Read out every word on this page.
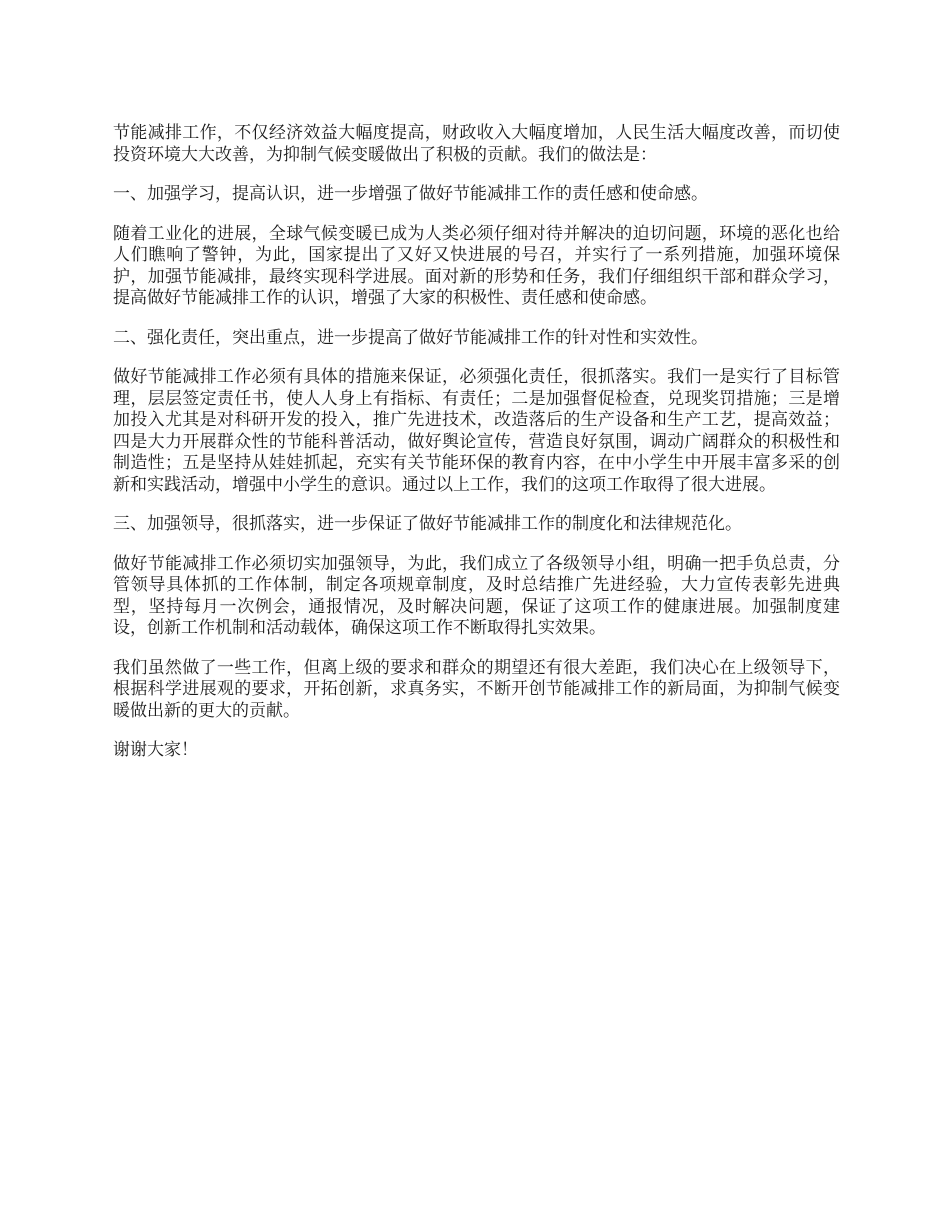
节能减排工作，不仅经济效益大幅度提高，财政收入大幅度增加，人民生活大幅度改善，而切使投资环境大大改善，为抑制气候变暖做出了积极的贡献。我们的做法是：

一、加强学习，提高认识，进一步增强了做好节能减排工作的责任感和使命感。

随着工业化的进展，全球气候变暖已成为人类必须仔细对待并解决的迫切问题，环境的恶化也给人们瞧响了警钟，为此，国家提出了又好又快进展的号召，并实行了一系列措施，加强环境保护，加强节能减排，最终实现科学进展。面对新的形势和任务，我们仔细组织干部和群众学习，提高做好节能减排工作的认识，增强了大家的积极性、责任感和使命感。

二、强化责任，突出重点，进一步提高了做好节能减排工作的针对性和实效性。

做好节能减排工作必须有具体的措施来保证，必须强化责任，很抓落实。我们一是实行了目标管理，层层签定责任书，使人人身上有指标、有责任；二是加强督促检查，兑现奖罚措施；三是增加投入尤其是对科研开发的投入，推广先进技术，改造落后的生产设备和生产工艺，提高效益；四是大力开展群众性的节能科普活动，做好舆论宣传，营造良好氛围，调动广阔群众的积极性和制造性；五是坚持从娃娃抓起，充实有关节能环保的教育内容，在中小学生中开展丰富多采的创新和实践活动，增强中小学生的意识。通过以上工作，我们的这项工作取得了很大进展。

三、加强领导，很抓落实，进一步保证了做好节能减排工作的制度化和法律规范化。

做好节能减排工作必须切实加强领导，为此，我们成立了各级领导小组，明确一把手负总责，分管领导具体抓的工作体制，制定各项规章制度，及时总结推广先进经验，大力宣传表彰先进典型，坚持每月一次例会，通报情况，及时解决问题，保证了这项工作的健康进展。加强制度建设，创新工作机制和活动载体，确保这项工作不断取得扎实效果。

我们虽然做了一些工作，但离上级的要求和群众的期望还有很大差距，我们决心在上级领导下，根据科学进展观的要求，开拓创新，求真务实，不断开创节能减排工作的新局面，为抑制气候变暖做出新的更大的贡献。

谢谢大家！
